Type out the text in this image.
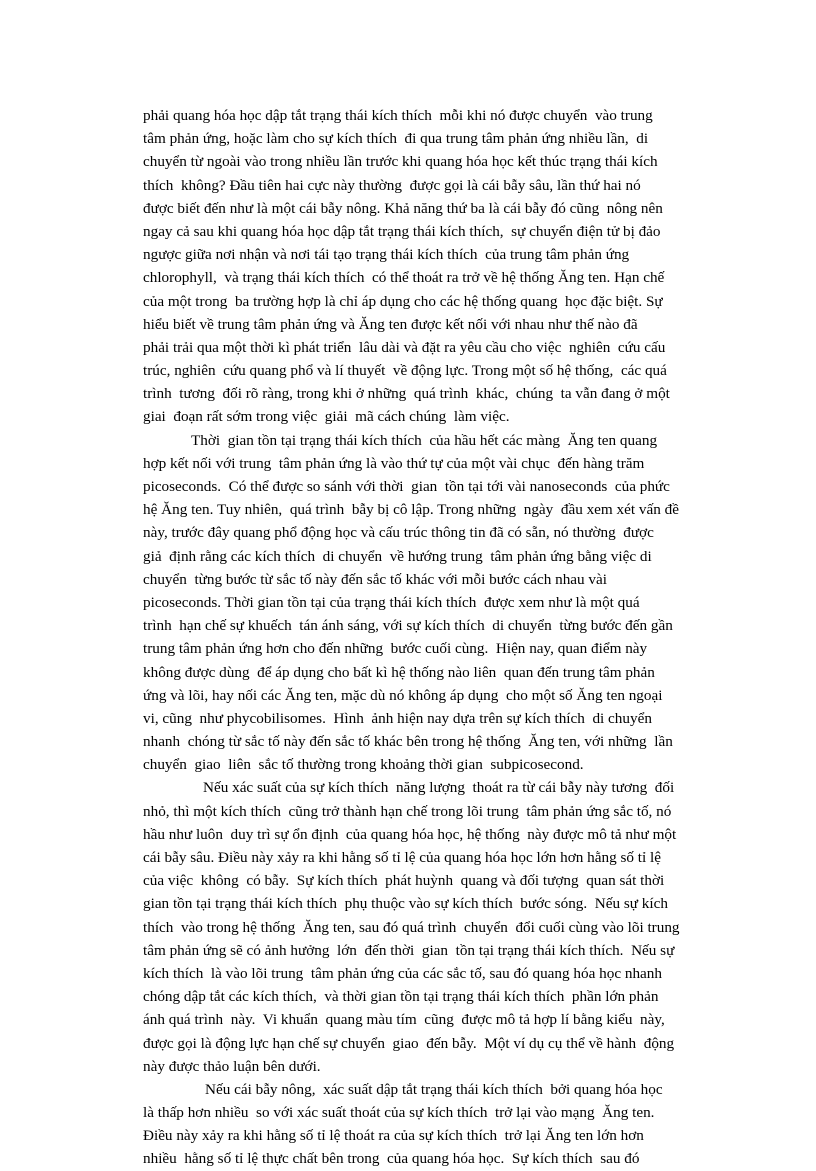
phải quang hóa học dập tắt trạng thái kích thích  mỗi khi nó được chuyển  vào trung
tâm phản ứng, hoặc làm cho sự kích thích  đi qua trung tâm phản ứng nhiều lần,  di
chuyển từ ngoài vào trong nhiều lần trước khi quang hóa học kết thúc trạng thái kích
thích  không? Đầu tiên hai cực này thường  được gọi là cái bẫy sâu, lần thứ hai nó
được biết đến như là một cái bẫy nông. Khả năng thứ ba là cái bẫy đó cũng  nông nên
ngay cả sau khi quang hóa học dập tắt trạng thái kích thích,  sự chuyển điện tử bị đảo
ngược giữa nơi nhận và nơi tái tạo trạng thái kích thích  của trung tâm phản ứng
chlorophyll,  và trạng thái kích thích  có thể thoát ra trở về hệ thống Ăng ten. Hạn chế
của một trong  ba trường hợp là chỉ áp dụng cho các hệ thống quang  học đặc biệt. Sự
hiểu biết về trung tâm phản ứng và Ăng ten được kết nối với nhau như thế nào đã
phải trải qua một thời kì phát triển  lâu dài và đặt ra yêu cầu cho việc  nghiên  cứu cấu
trúc, nghiên  cứu quang phổ và lí thuyết  về động lực. Trong một số hệ thống,  các quá
trình  tương  đối rõ ràng, trong khi ở những  quá trình  khác,  chúng  ta vẫn đang ở một
giai  đoạn rất sớm trong việc  giải  mã cách chúng  làm việc.
Thời  gian tồn tại trạng thái kích thích  của hầu hết các màng  Ăng ten quang
hợp kết nối với trung  tâm phản ứng là vào thứ tự của một vài chục  đến hàng trăm
picoseconds.  Có thể được so sánh với thời  gian  tồn tại tới vài nanoseconds  của phức
hệ Ăng ten. Tuy nhiên,  quá trình  bẫy bị cô lập. Trong những  ngày  đầu xem xét vấn đề
này, trước đây quang phổ động học và cấu trúc thông tin đã có sẵn, nó thường  được
giả  định rằng các kích thích  di chuyển  về hướng trung  tâm phản ứng bằng việc di
chuyển  từng bước từ sắc tố này đến sắc tố khác với mỗi bước cách nhau vài
picoseconds. Thời gian tồn tại của trạng thái kích thích  được xem như là một quá
trình  hạn chế sự khuếch  tán ánh sáng, với sự kích thích  di chuyển  từng bước đến gần
trung tâm phản ứng hơn cho đến những  bước cuối cùng.  Hiện nay, quan điểm này
không được dùng  để áp dụng cho bất kì hệ thống nào liên  quan đến trung tâm phản
ứng và lõi, hay nối các Ăng ten, mặc dù nó không áp dụng  cho một số Ăng ten ngoại
vi, cũng  như phycobilisomes.  Hình  ảnh hiện nay dựa trên sự kích thích  di chuyển
nhanh  chóng từ sắc tố này đến sắc tố khác bên trong hệ thống  Ăng ten, với những  lần
chuyển  giao  liên  sắc tố thường trong khoảng thời gian  subpicosecond.
Nếu xác suất của sự kích thích  năng lượng  thoát ra từ cái bẫy này tương  đối
nhỏ, thì một kích thích  cũng trở thành hạn chế trong lõi trung  tâm phản ứng sắc tố, nó
hầu như luôn  duy trì sự ổn định  của quang hóa học, hệ thống  này được mô tả như một
cái bẫy sâu. Điều này xảy ra khi hằng số tỉ lệ của quang hóa học lớn hơn hằng số tỉ lệ
của việc  không  có bẫy.  Sự kích thích  phát huỳnh  quang và đối tượng  quan sát thời
gian tồn tại trạng thái kích thích  phụ thuộc vào sự kích thích  bước sóng.  Nếu sự kích
thích  vào trong hệ thống  Ăng ten, sau đó quá trình  chuyển  đổi cuối cùng vào lõi trung
tâm phản ứng sẽ có ảnh hưởng  lớn  đến thời  gian  tồn tại trạng thái kích thích.  Nếu sự
kích thích  là vào lõi trung  tâm phản ứng của các sắc tố, sau đó quang hóa học nhanh
chóng dập tắt các kích thích,  và thời gian tồn tại trạng thái kích thích  phần lớn phản
ánh quá trình  này.  Vi khuẩn  quang màu tím  cũng  được mô tả hợp lí bằng kiểu  này,
được gọi là động lực hạn chế sự chuyển  giao  đến bẫy.  Một ví dụ cụ thể về hành  động
này được thảo luận bên dưới.
Nếu cái bẫy nông,  xác suất dập tắt trạng thái kích thích  bởi quang hóa học
là thấp hơn nhiều  so với xác suất thoát của sự kích thích  trở lại vào mạng  Ăng ten.
Điều này xảy ra khi hằng số tỉ lệ thoát ra của sự kích thích  trở lại Ăng ten lớn hơn
nhiều  hằng số tỉ lệ thực chất bên trong  của quang hóa học.  Sự kích thích  sau đó
